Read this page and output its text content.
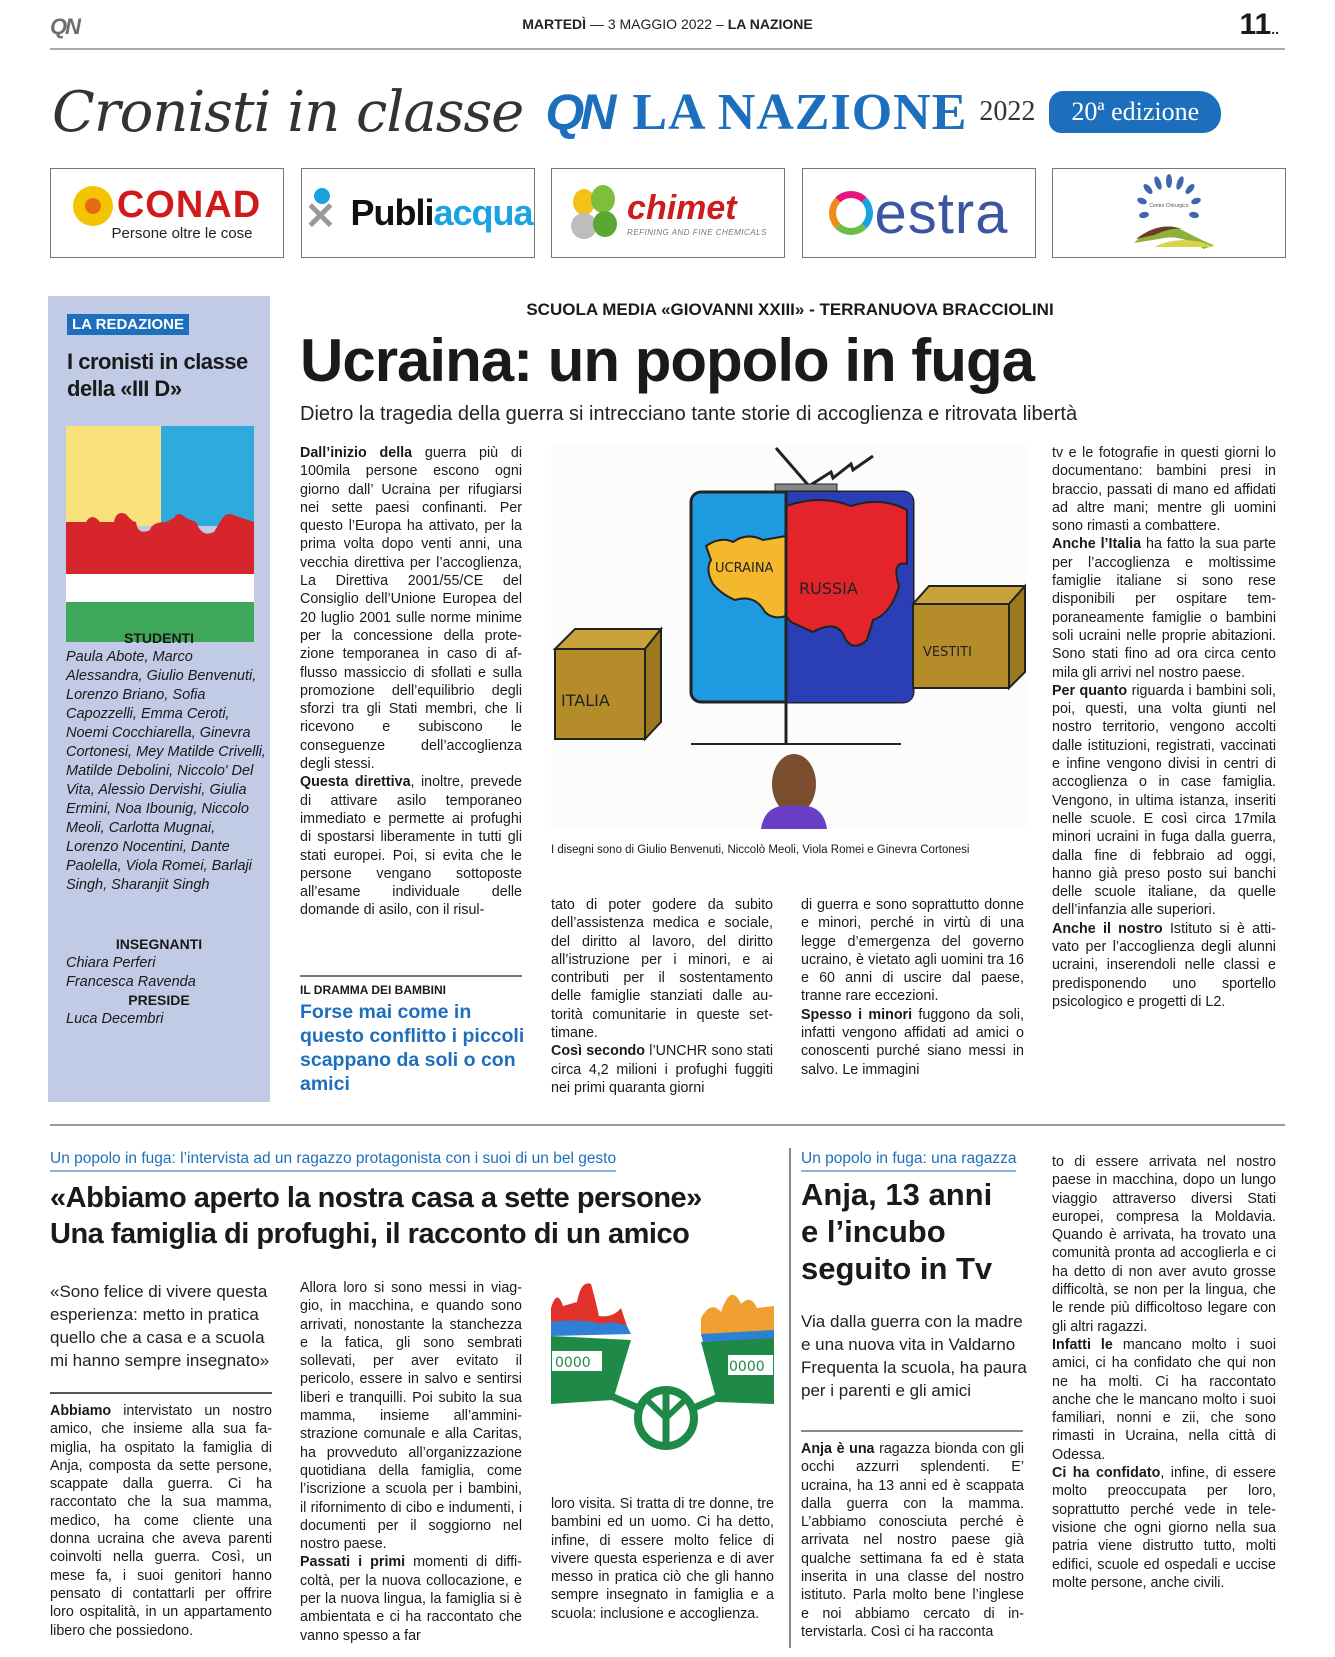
QN	MARTEDÌ — 3 MAGGIO 2022 – LA NAZIONE	11..
Cronisti in classe QN LA NAZIONE 2022	20ª edizione
CONAD
Persone oltre le cose
✕
Publi acqua	chimet
REFINING AND FINE CHEMICALS estra	Centro Chirurgico
LA REDAZIONE
I cronisti in classe
della «III D»
STUDENTI
Paula Abote, Marco Alessandra, Giulio Benvenuti, Lorenzo Briano, Sofia Capozzelli, Emma Ceroti, Noemi Cocchiarella, Ginevra Cortonesi, Mey Matilde Crivelli, Matilde Debolini, Niccolo' Del Vita, Alessio Dervishi, Giulia Ermini, Noa Ibounig, Niccolo Meoli, Carlotta Mugnai, Lorenzo Nocentini, Dante Paolella, Viola Romei, Barlaji Singh, Sharanjit Singh
INSEGNANTI
Chiara Perferi
Francesca Ravenda
PRESIDE
Luca Decembri
SCUOLA MEDIA «GIOVANNI XXIII» - TERRANUOVA BRACCIOLINI
Ucraina: un popolo in fuga
Dietro la tragedia della guerra si intrecciano tante storie di accoglienza e ritrovata libertà
Dall’inizio della guerra più di 100mila persone escono ogni giorno dall’ Ucraina per rifugiarsi nei sette paesi confinanti. Per questo l’Europa ha attivato, per la prima volta dopo venti anni, una vecchia direttiva per l’accoglienza, La Direttiva 2001/55/CE del Consiglio dell’Unione Europea del 20 luglio 2001 sulle norme minime per la concessione della protezione temporanea in caso di afflusso massiccio di sfollati e sulla promozione dell’equilibrio degli sforzi tra gli Stati membri, che li ricevono e subiscono le conseguenze dell’accoglienza degli stessi.
Questa direttiva, inoltre, prevede di attivare asilo temporaneo immediato e permette ai profughi di spostarsi liberamente in tutti gli stati europei. Poi, si evita che le persone vengano sottoposte all’esame individuale delle domande di asilo, con il risul-
UCRAINA
RUSSIA
ITALIA
VESTITI
I disegni sono di Giulio Benvenuti, Niccolò Meoli, Viola Romei e Ginevra Cortonesi
tato di poter godere da subito dell’assistenza medica e sociale, del diritto al lavoro, del diritto all’istruzione per i minori, e ai contributi per il sostentamento delle famiglie stanziati dalle autorità comunitarie in queste settimane.
Così secondo l’UNCHR sono stati circa 4,2 milioni i profughi fuggiti nei primi quaranta giorni
di guerra e sono soprattutto donne e minori, perché in virtù di una legge d’emergenza del governo ucraino, è vietato agli uomini tra 16 e 60 anni di uscire dal paese, tranne rare eccezioni.
Spesso i minori fuggono da soli, infatti vengono affidati ad amici o conoscenti purché siano messi in salvo. Le immagini
tv e le fotografie in questi giorni lo documentano: bambini presi in braccio, passati di mano ed affidati ad altre mani; mentre gli uomini sono rimasti a combattere.
Anche l’Italia ha fatto la sua parte per l’accoglienza e moltissime famiglie italiane si sono rese disponibili per ospitare temporaneamente famiglie o bambini soli ucraini nelle proprie abitazioni. Sono stati fino ad ora circa cento mila gli arrivi nel nostro paese.
Per quanto riguarda i bambini soli, poi, questi, una volta giunti nel nostro territorio, vengono accolti dalle istituzioni, registrati, vaccinati e infine vengono divisi in centri di accoglienza o in case famiglia. Vengono, in ultima istanza, inseriti nelle scuole. E così circa 17mila minori ucraini in fuga dalla guerra, dalla fine di febbraio ad oggi, hanno già preso posto sui banchi delle scuole italiane, da quelle dell’infanzia alle superiori.
Anche il nostro Istituto si è attivato per l’accoglienza degli alunni ucraini, inserendoli nelle classi e predisponendo uno sportello psicologico e progetti di L2.
IL DRAMMA DEI BAMBINI
Forse mai come in questo conflitto i piccoli scappano da soli o con amici
Un popolo in fuga: l’intervista ad un ragazzo protagonista con i suoi di un bel gesto
«Abbiamo aperto la nostra casa a sette persone»
Una famiglia di profughi, il racconto di un amico
«Sono felice di vivere questa esperienza: metto in pratica quello che a casa e a scuola mi hanno sempre insegnato»
Abbiamo intervistato un nostro amico, che insieme alla sua famiglia, ha ospitato la famiglia di Anja, composta da sette persone, scappate dalla guerra. Ci ha raccontato che la sua mamma, medico, ha come cliente una donna ucraina che aveva parenti coinvolti nella guerra. Così, un mese fa, i suoi genitori hanno pensato di contattarli per offrire loro ospitalità, in un appartamento libero che possiedono.
Allora loro si sono messi in viaggio, in macchina, e quando sono arrivati, nonostante la stanchezza e la fatica, gli sono sembrati sollevati, per aver evitato il pericolo, essere in salvo e sentirsi liberi e tranquilli. Poi subito la sua mamma, insieme all’amministrazione comunale e alla Caritas, ha provveduto all’organizzazione quotidiana della famiglia, come l’iscrizione a scuola per i bambini, il rifornimento di cibo e indumenti, i documenti per il soggiorno nel nostro paese.
Passati i primi momenti di difficoltà, per la nuova collocazione, e per la nuova lingua, la famiglia si è ambientata e ci ha raccontato che vanno spesso a far
0000	0000
loro visita. Si tratta di tre donne, tre bambini ed un uomo. Ci ha detto, infine, di essere molto felice di vivere questa esperienza e di aver messo in pratica ciò che gli hanno sempre insegnato in famiglia e a scuola: inclusione e accoglienza.
Un popolo in fuga: una ragazza
Anja, 13 anni
e l’incubo
seguito in Tv
Via dalla guerra con la madre e una nuova vita in Valdarno Frequenta la scuola, ha paura per i parenti e gli amici
Anja è una ragazza bionda con gli occhi azzurri splendenti. E’ ucraina, ha 13 anni ed è scappata dalla guerra con la mamma. L’abbiamo conosciuta perché è arrivata nel nostro paese già qualche settimana fa ed è stata inserita in una classe del nostro istituto. Parla molto bene l’inglese e noi abbiamo cercato di intervistarla. Così ci ha racconta
to di essere arrivata nel nostro paese in macchina, dopo un lungo viaggio attraverso diversi Stati europei, compresa la Moldavia. Quando è arrivata, ha trovato una comunità pronta ad accoglierla e ci ha detto di non aver avuto grosse difficoltà, se non per la lingua, che le rende più difficoltoso legare con gli altri ragazzi.
Infatti le mancano molto i suoi amici, ci ha confidato che qui non ne ha molti. Ci ha raccontato anche che le mancano molto i suoi familiari, nonni e zii, che sono rimasti in Ucraina, nella città di Odessa.
Ci ha confidato, infine, di essere molto preoccupata per loro, soprattutto perché vede in televisione che ogni giorno nella sua patria viene distrutto tutto, molti edifici, scuole ed ospedali e uccise molte persone, anche civili.
